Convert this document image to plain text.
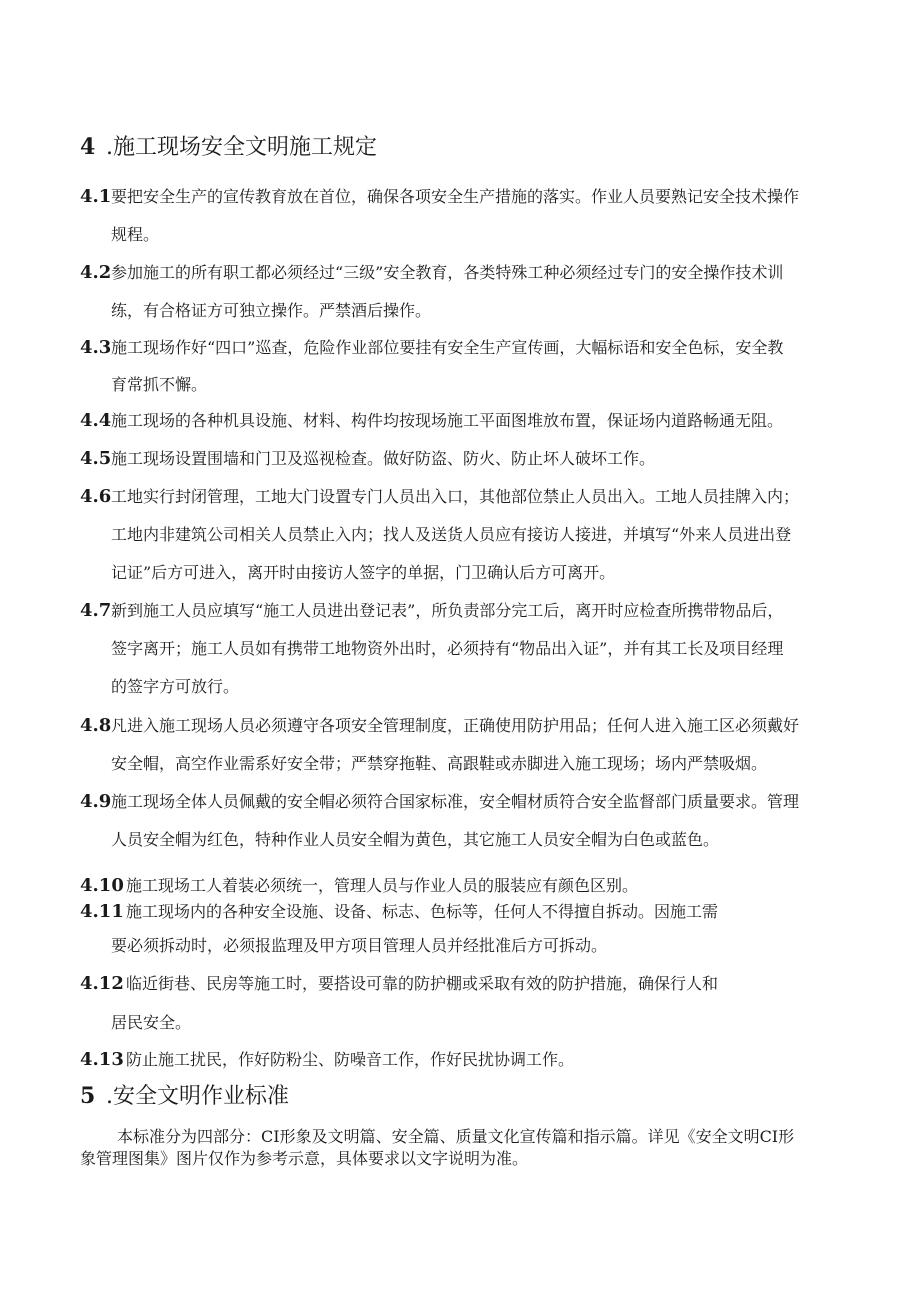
4 .施工现场安全文明施工规定
4.1 要把安全生产的宣传教育放在首位，确保各项安全生产措施的落实。作业人员要熟记安全技术操作
规程。
4.2 参加施工的所有职工都必须经过“三级”安全教育，各类特殊工种必须经过专门的安全操作技术训
练，有合格证方可独立操作。严禁酒后操作。
4.3 施工现场作好“四口”巡查，危险作业部位要挂有安全生产宣传画，大幅标语和安全色标，安全教
育常抓不懈。
4.4 施工现场的各种机具设施、材料、构件均按现场施工平面图堆放布置，保证场内道路畅通无阻。
4.5 施工现场设置围墙和门卫及巡视检查。做好防盗、防火、防止坏人破坏工作。
4.6 工地实行封闭管理，工地大门设置专门人员出入口，其他部位禁止人员出入。工地人员挂牌入内；
工地内非建筑公司相关人员禁止入内；找人及送货人员应有接访人接进，并填写“外来人员进出登
记证”后方可进入，离开时由接访人签字的单据，门卫确认后方可离开。
4.7 新到施工人员应填写“施工人员进出登记表”，所负责部分完工后，离开时应检查所携带物品后，
签字离开；施工人员如有携带工地物资外出时，必须持有“物品出入证”，并有其工长及项目经理
的签字方可放行。
4.8 凡进入施工现场人员必须遵守各项安全管理制度，正确使用防护用品；任何人进入施工区必须戴好
安全帽，高空作业需系好安全带；严禁穿拖鞋、高跟鞋或赤脚进入施工现场；场内严禁吸烟。
4.9 施工现场全体人员佩戴的安全帽必须符合国家标准，安全帽材质符合安全监督部门质量要求。管理
人员安全帽为红色，特种作业人员安全帽为黄色，其它施工人员安全帽为白色或蓝色。
4.10 施工现场工人着装必须统一，管理人员与作业人员的服装应有颜色区别。
4.11 施工现场内的各种安全设施、设备、标志、色标等，任何人不得擅自拆动。因施工需
要必须拆动时，必须报监理及甲方项目管理人员并经批准后方可拆动。
4.12 临近街巷、民房等施工时，要搭设可靠的防护棚或采取有效的防护措施，确保行人和
居民安全。
4.13 防止施工扰民，作好防粉尘、防噪音工作，作好民扰协调工作。
5 .安全文明作业标准
本标准分为四部分：CI形象及文明篇、安全篇、质量文化宣传篇和指示篇。详见《安全文明CI形
象管理图集》图片仅作为参考示意，具体要求以文字说明为准。
